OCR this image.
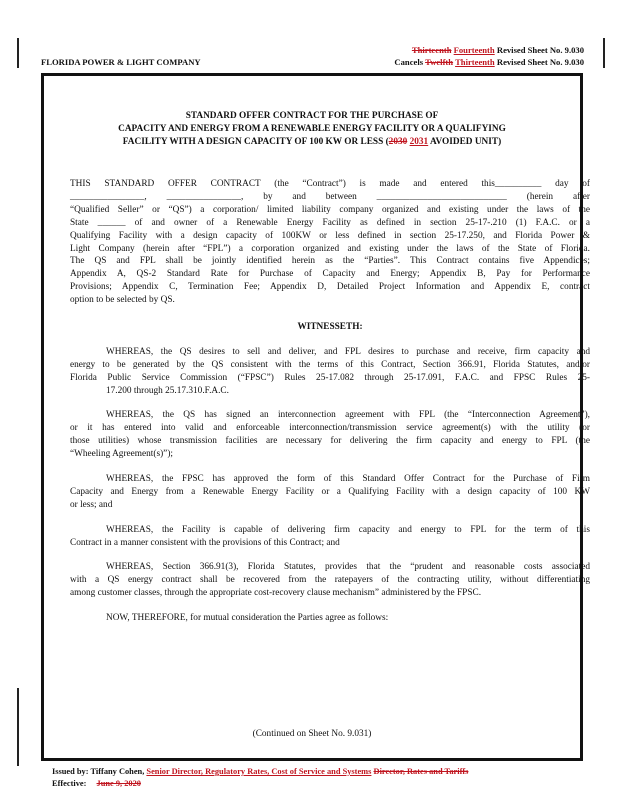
FLORIDA POWER & LIGHT COMPANY
Thirteenth Fourteenth Revised Sheet No. 9.030
Cancels Twelfth Thirteenth Revised Sheet No. 9.030
STANDARD OFFER CONTRACT FOR THE PURCHASE OF
CAPACITY AND ENERGY FROM A RENEWABLE ENERGY FACILITY OR A QUALIFYING
FACILITY WITH A DESIGN CAPACITY OF 100 KW OR LESS (2030 2031 AVOIDED UNIT)
THIS STANDARD OFFER CONTRACT (the “Contract”) is made and entered this__________ day of
________________, ________________, by and between ____________________________ (herein after
“Qualified Seller” or “QS”) a corporation/ limited liability company organized and existing under the laws of the
State ______ of and owner of a Renewable Energy Facility as defined in section 25-17-.210 (1) F.A.C. or a
Qualifying Facility with a design capacity of 100KW or less defined in section 25-17.250, and Florida Power &
Light Company (herein after “FPL”) a corporation organized and existing under the laws of the State of Florida.
The QS and FPL shall be jointly identified herein as the “Parties”. This Contract contains five Appendices;
Appendix A, QS-2 Standard Rate for Purchase of Capacity and Energy; Appendix B, Pay for Performance
Provisions; Appendix C, Termination Fee; Appendix D, Detailed Project Information and Appendix E, contract
option to be selected by QS.
WITNESSETH:
WHEREAS, the QS desires to sell and deliver, and FPL desires to purchase and receive, firm capacity and
energy to be generated by the QS consistent with the terms of this Contract, Section 366.91, Florida Statutes, and/or
Florida Public Service Commission (“FPSC”) Rules 25-17.082 through 25-17.091, F.A.C. and FPSC Rules 25-
17.200 through 25.17.310.F.A.C.
WHEREAS, the QS has signed an interconnection agreement with FPL (the “Interconnection Agreement”),
or it has entered into valid and enforceable interconnection/transmission service agreement(s) with the utility (or
those utilities) whose transmission facilities are necessary for delivering the firm capacity and energy to FPL (the
“Wheeling Agreement(s)”);
WHEREAS, the FPSC has approved the form of this Standard Offer Contract for the Purchase of Firm
Capacity and Energy from a Renewable Energy Facility or a Qualifying Facility with a design capacity of 100 KW
or less; and
WHEREAS, the Facility is capable of delivering firm capacity and energy to FPL for the term of this
Contract in a manner consistent with the provisions of this Contract; and
WHEREAS, Section 366.91(3), Florida Statutes, provides that the “prudent and reasonable costs associated
with a QS energy contract shall be recovered from the ratepayers of the contracting utility, without differentiating
among customer classes, through the appropriate cost-recovery clause mechanism” administered by the FPSC.
NOW, THEREFORE, for mutual consideration the Parties agree as follows:
(Continued on Sheet No. 9.031)
Issued by: Tiffany Cohen, Senior Director, Regulatory Rates, Cost of Service and Systems Director, Rates and Tariffs
Effective: June 9, 2020
